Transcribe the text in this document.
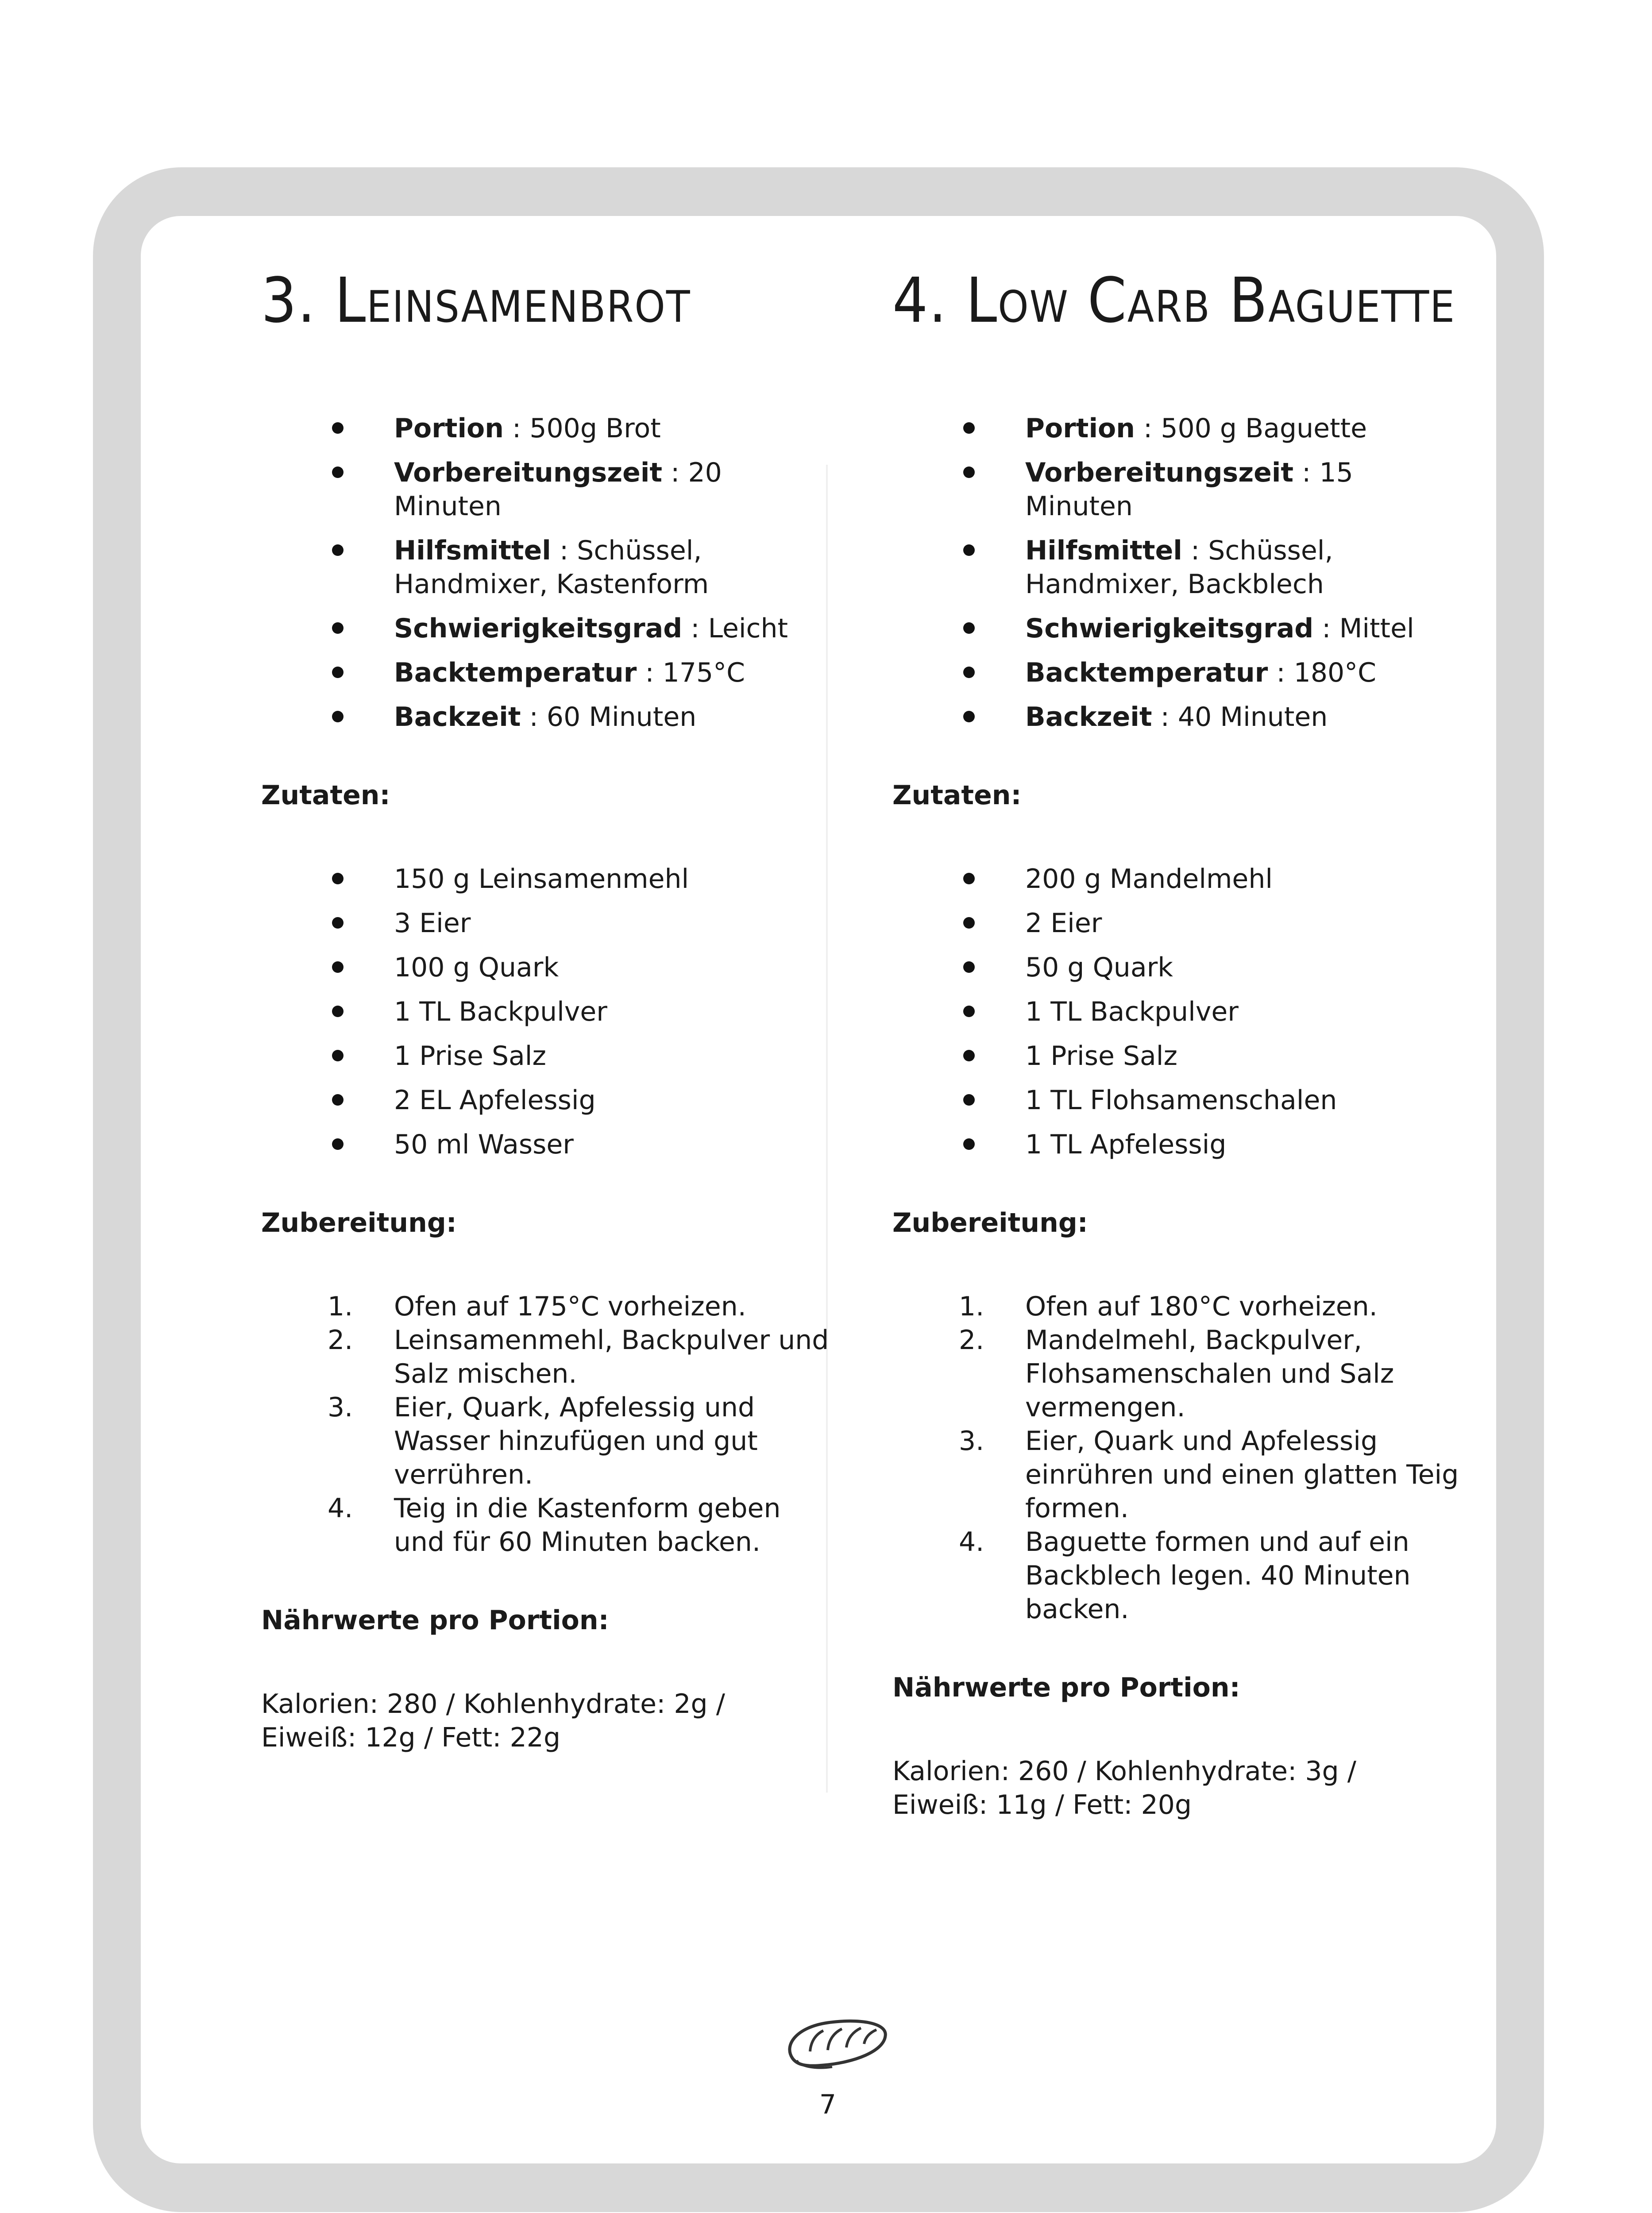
3. Leinsamenbrot
Portion : 500g Brot
Vorbereitungszeit : 20 Minuten
Hilfsmittel : Schüssel, Handmixer, Kastenform
Schwierigkeitsgrad : Leicht
Backtemperatur : 175°C
Backzeit : 60 Minuten
Zutaten:
150 g Leinsamenmehl
3 Eier
100 g Quark
1 TL Backpulver
1 Prise Salz
2 EL Apfelessig
50 ml Wasser
Zubereitung:
1. Ofen auf 175°C vorheizen.
2. Leinsamenmehl, Backpulver und Salz mischen.
3. Eier, Quark, Apfelessig und Wasser hinzufügen und gut verrühren.
4. Teig in die Kastenform geben und für 60 Minuten backen.
Nährwerte pro Portion:
Kalorien: 280 / Kohlenhydrate: 2g / Eiweiß: 12g / Fett: 22g
4. Low Carb Baguette
Portion : 500 g Baguette
Vorbereitungszeit : 15 Minuten
Hilfsmittel : Schüssel, Handmixer, Backblech
Schwierigkeitsgrad : Mittel
Backtemperatur : 180°C
Backzeit : 40 Minuten
Zutaten:
200 g Mandelmehl
2 Eier
50 g Quark
1 TL Backpulver
1 Prise Salz
1 TL Flohsamenschalen
1 TL Apfelessig
Zubereitung:
1. Ofen auf 180°C vorheizen.
2. Mandelmehl, Backpulver, Flohsamenschalen und Salz vermengen.
3. Eier, Quark und Apfelessig einrühren und einen glatten Teig formen.
4. Baguette formen und auf ein Backblech legen. 40 Minuten backen.
Nährwerte pro Portion:
Kalorien: 260 / Kohlenhydrate: 3g / Eiweiß: 11g / Fett: 20g
7
